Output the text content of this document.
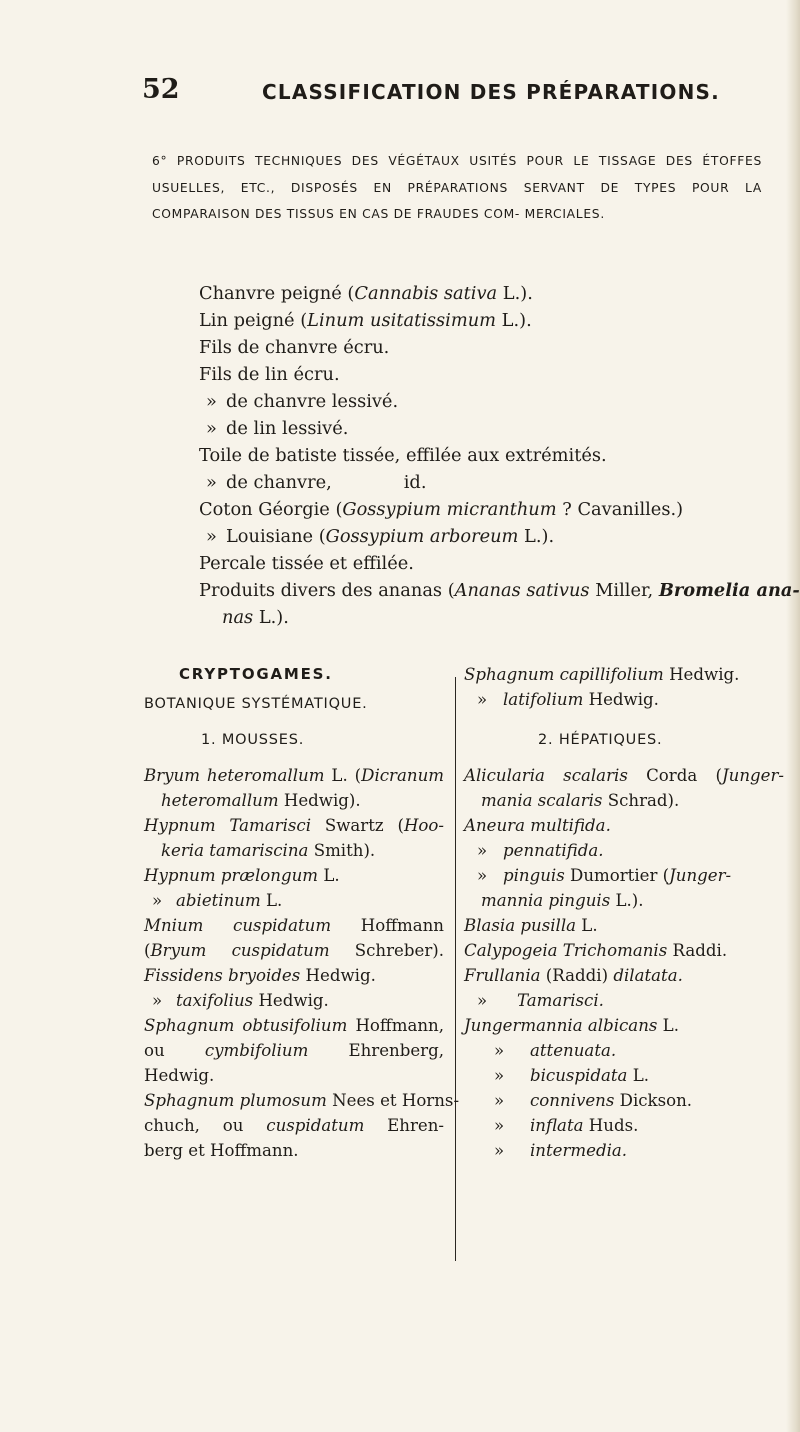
52	CLASSIFICATION DES PRÉPARATIONS.
6° PRODUITS TECHNIQUES DES VÉGÉTAUX USITÉS POUR LE TISSAGE DES ÉTOFFES USUELLES, ETC., DISPOSÉS EN PRÉPARATIONS SERVANT DE TYPES POUR LA COMPARAISON DES TISSUS EN CAS DE FRAUDES COM- MERCIALES.
Chanvre peigné (Cannabis sativa L.).
Lin peigné (Linum usitatissimum L.).
Fils de chanvre écru.
Fils de lin écru.
» de chanvre lessivé.
» de lin lessivé.
Toile de batiste tissée, effilée aux extrémités.
» de chanvre,	id.
Coton Géorgie (Gossypium micranthum ? Cavanilles.)
» Louisiane (Gossypium arboreum L.).
Percale tissée et effilée.
Produits divers des ananas (Ananas sativus Miller, Bromelia ana-
nas L.).
CRYPTOGAMES.
BOTANIQUE SYSTÉMATIQUE.
1. MOUSSES.
Bryum heteromallum L. (Dicranum
heteromallum Hedwig).
Hypnum Tamarisci Swartz (Hoo-
keria tamariscina Smith).
Hypnum prælongum L.
» abietinum L.
Mnium cuspidatum Hoffmann
(Bryum cuspidatum Schreber).
Fissidens bryoides Hedwig.
» taxifolius Hedwig.
Sphagnum obtusifolium Hoffmann,
ou cymbifolium Ehrenberg,
Hedwig.
Sphagnum plumosum Nees et Horns-
chuch, ou cuspidatum Ehren-
berg et Hoffmann.
Sphagnum capillifolium Hedwig.
» latifolium Hedwig.
2. HÉPATIQUES.
Alicularia scalaris Corda (Junger-
mania scalaris Schrad).
Aneura multifida.
» pennatifida.
» pinguis Dumortier (Junger-
mannia pinguis L.).
Blasia pusilla L.
Calypogeia Trichomanis Raddi.
Frullania (Raddi) dilatata.
» Tamarisci.
Jungermannia albicans L.
» attenuata.
» bicuspidata L.
» connivens Dickson.
» inflata Huds.
» intermedia.
